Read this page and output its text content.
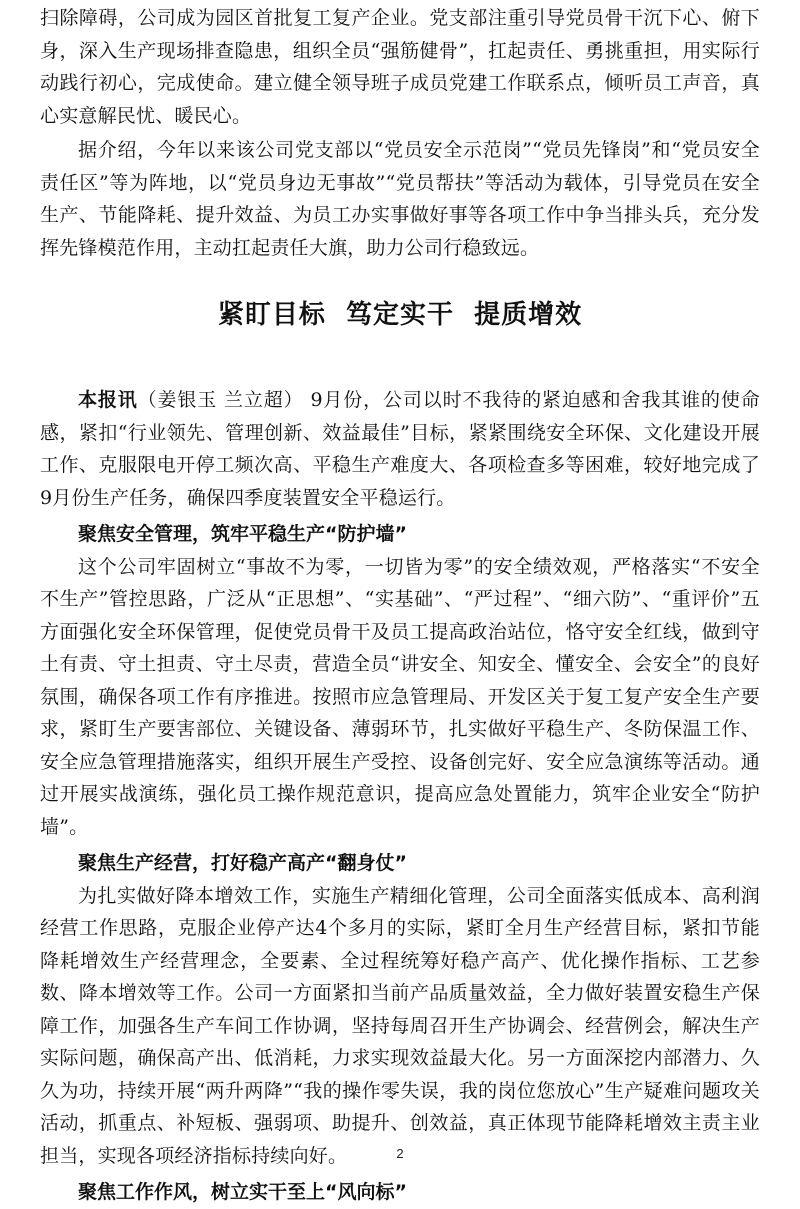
扫除障碍，公司成为园区首批复工复产企业。党支部注重引导党员骨干沉下心、俯下身，深入生产现场排查隐患，组织全员“强筋健骨”，扛起责任、勇挑重担，用实际行动践行初心，完成使命。建立健全领导班子成员党建工作联系点，倾听员工声音，真心实意解民忧、暖民心。

据介绍，今年以来该公司党支部以“党员安全示范岗”“党员先锋岗”和“党员安全责任区”等为阵地，以“党员身边无事故”“党员帮扶”等活动为载体，引导党员在安全生产、节能降耗、提升效益、为员工办实事做好事等各项工作中争当排头兵，充分发挥先锋模范作用，主动扛起责任大旗，助力公司行稳致远。

紧盯目标  笃定实干  提质增效

本报讯（姜银玉 兰立超） 9月份，公司以时不我待的紧迫感和舍我其谁的使命感，紧扣“行业领先、管理创新、效益最佳”目标，紧紧围绕安全环保、文化建设开展工作、克服限电开停工频次高、平稳生产难度大、各项检查多等困难，较好地完成了9月份生产任务，确保四季度装置安全平稳运行。

聚焦安全管理，筑牢平稳生产“防护墙”

这个公司牢固树立“事故不为零，一切皆为零”的安全绩效观，严格落实“不安全不生产”管控思路，广泛从“正思想”、“实基础”、“严过程”、“细六防”、“重评价”五方面强化安全环保管理，促使党员骨干及员工提高政治站位，恪守安全红线，做到守土有责、守土担责、守土尽责，营造全员“讲安全、知安全、懂安全、会安全”的良好氛围，确保各项工作有序推进。按照市应急管理局、开发区关于复工复产安全生产要求，紧盯生产要害部位、关键设备、薄弱环节，扎实做好平稳生产、冬防保温工作、安全应急管理措施落实，组织开展生产受控、设备创完好、安全应急演练等活动。通过开展实战演练，强化员工操作规范意识，提高应急处置能力，筑牢企业安全“防护墙”。

聚焦生产经营，打好稳产高产“翻身仗”

为扎实做好降本增效工作，实施生产精细化管理，公司全面落实低成本、高利润经营工作思路，克服企业停产达4个多月的实际，紧盯全月生产经营目标，紧扣节能降耗增效生产经营理念，全要素、全过程统筹好稳产高产、优化操作指标、工艺参数、降本增效等工作。公司一方面紧扣当前产品质量效益，全力做好装置安稳生产保障工作，加强各生产车间工作协调，坚持每周召开生产协调会、经营例会，解决生产实际问题，确保高产出、低消耗，力求实现效益最大化。另一方面深挖内部潜力、久久为功，持续开展“两升两降”“我的操作零失误，我的岗位您放心”生产疑难问题攻关活动，抓重点、补短板、强弱项、助提升、创效益，真正体现节能降耗增效主责主业担当，实现各项经济指标持续向好。

聚焦工作作风，树立实干至上“风向标”
2
